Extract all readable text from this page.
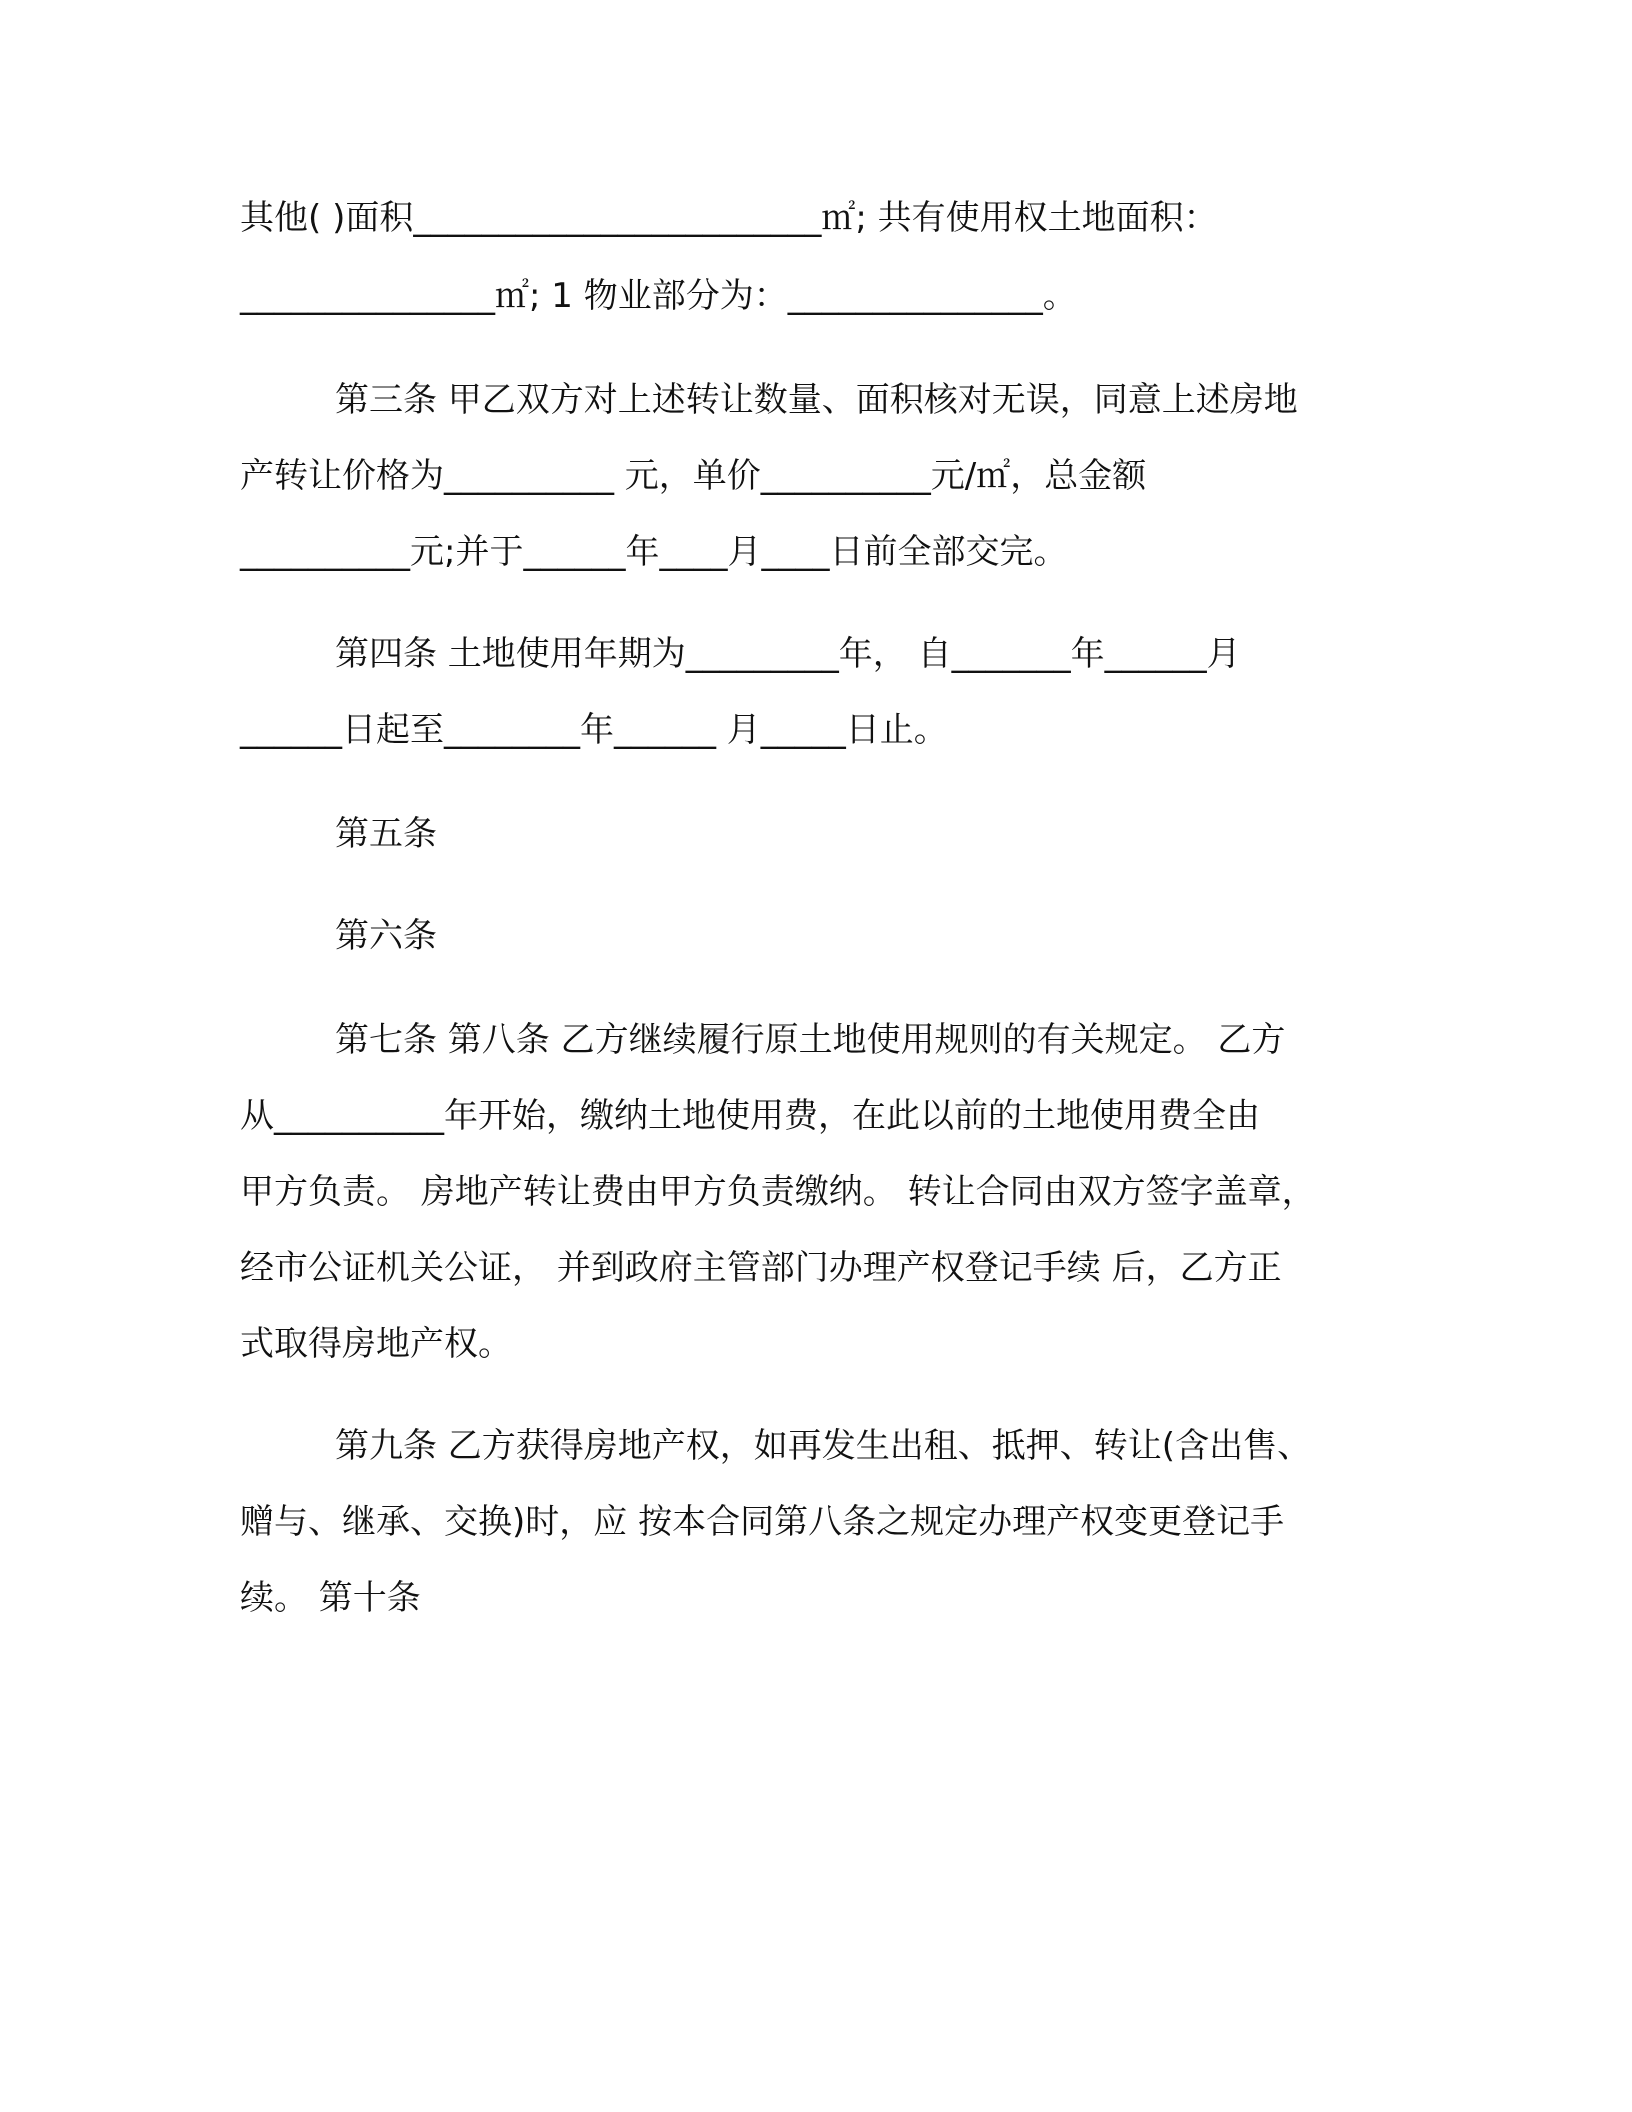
其他( )面积________________________㎡; 共有使用权土地面积：
_______________㎡; 1 物业部分为：_______________。
第三条 甲乙双方对上述转让数量、面积核对无误，同意上述房地
产转让价格为__________ 元，单价__________元/㎡，总金额
__________元;并于______年____月____日前全部交完。
第四条 土地使用年期为_________年， 自_______年______月
______日起至________年______ 月_____日止。
第五条
第六条
第七条 第八条 乙方继续履行原土地使用规则的有关规定。 乙方
从__________年开始，缴纳土地使用费，在此以前的土地使用费全由
甲方负责。 房地产转让费由甲方负责缴纳。 转让合同由双方签字盖章，
经市公证机关公证， 并到政府主管部门办理产权登记手续 后，乙方正
式取得房地产权。
第九条 乙方获得房地产权，如再发生出租、抵押、转让(含出售、
赠与、继承、交换)时，应 按本合同第八条之规定办理产权变更登记手
续。 第十条
